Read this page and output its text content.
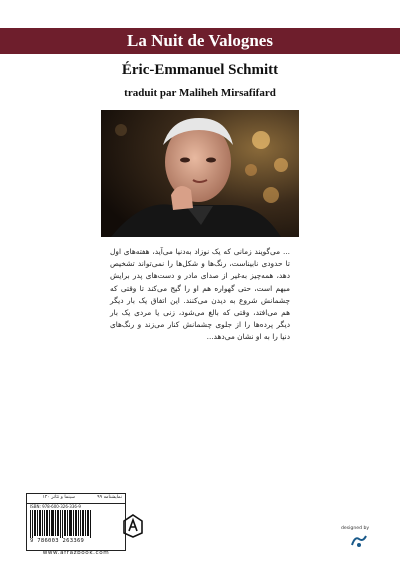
La Nuit de Valognes
Éric-Emmanuel Schmitt
traduit par Maliheh Mirsafifard
... می‌گویند زمانی که یک نوزاد به‌دنیا می‌آید، هفته‌های اول تا حدودی نابیناست، رنگ‌ها و شکل‌ها را نمی‌تواند تشخیص دهد، همه‌چیز به‌غیر از صدای مادر و دست‌های پدر برایش مبهم است، حتی گهواره هم او را گیج می‌کند تا وقتی که چشمانش شروع به دیدن می‌کنند. این اتفاق یک بار دیگر هم می‌افتد، وقتی که بالغ می‌شود، زنی یا مردی یک بار دیگر پرده‌ها را از جلوی چشمانش کنار می‌زند و رنگ‌های دنیا را به او نشان می‌دهد...
نمایشنامه ۹۹
سینما و تئاتر ۱۲۰
ISBN: 978-600-326-336-9
9 786003 263369
www.afrazbook.com
designed by
